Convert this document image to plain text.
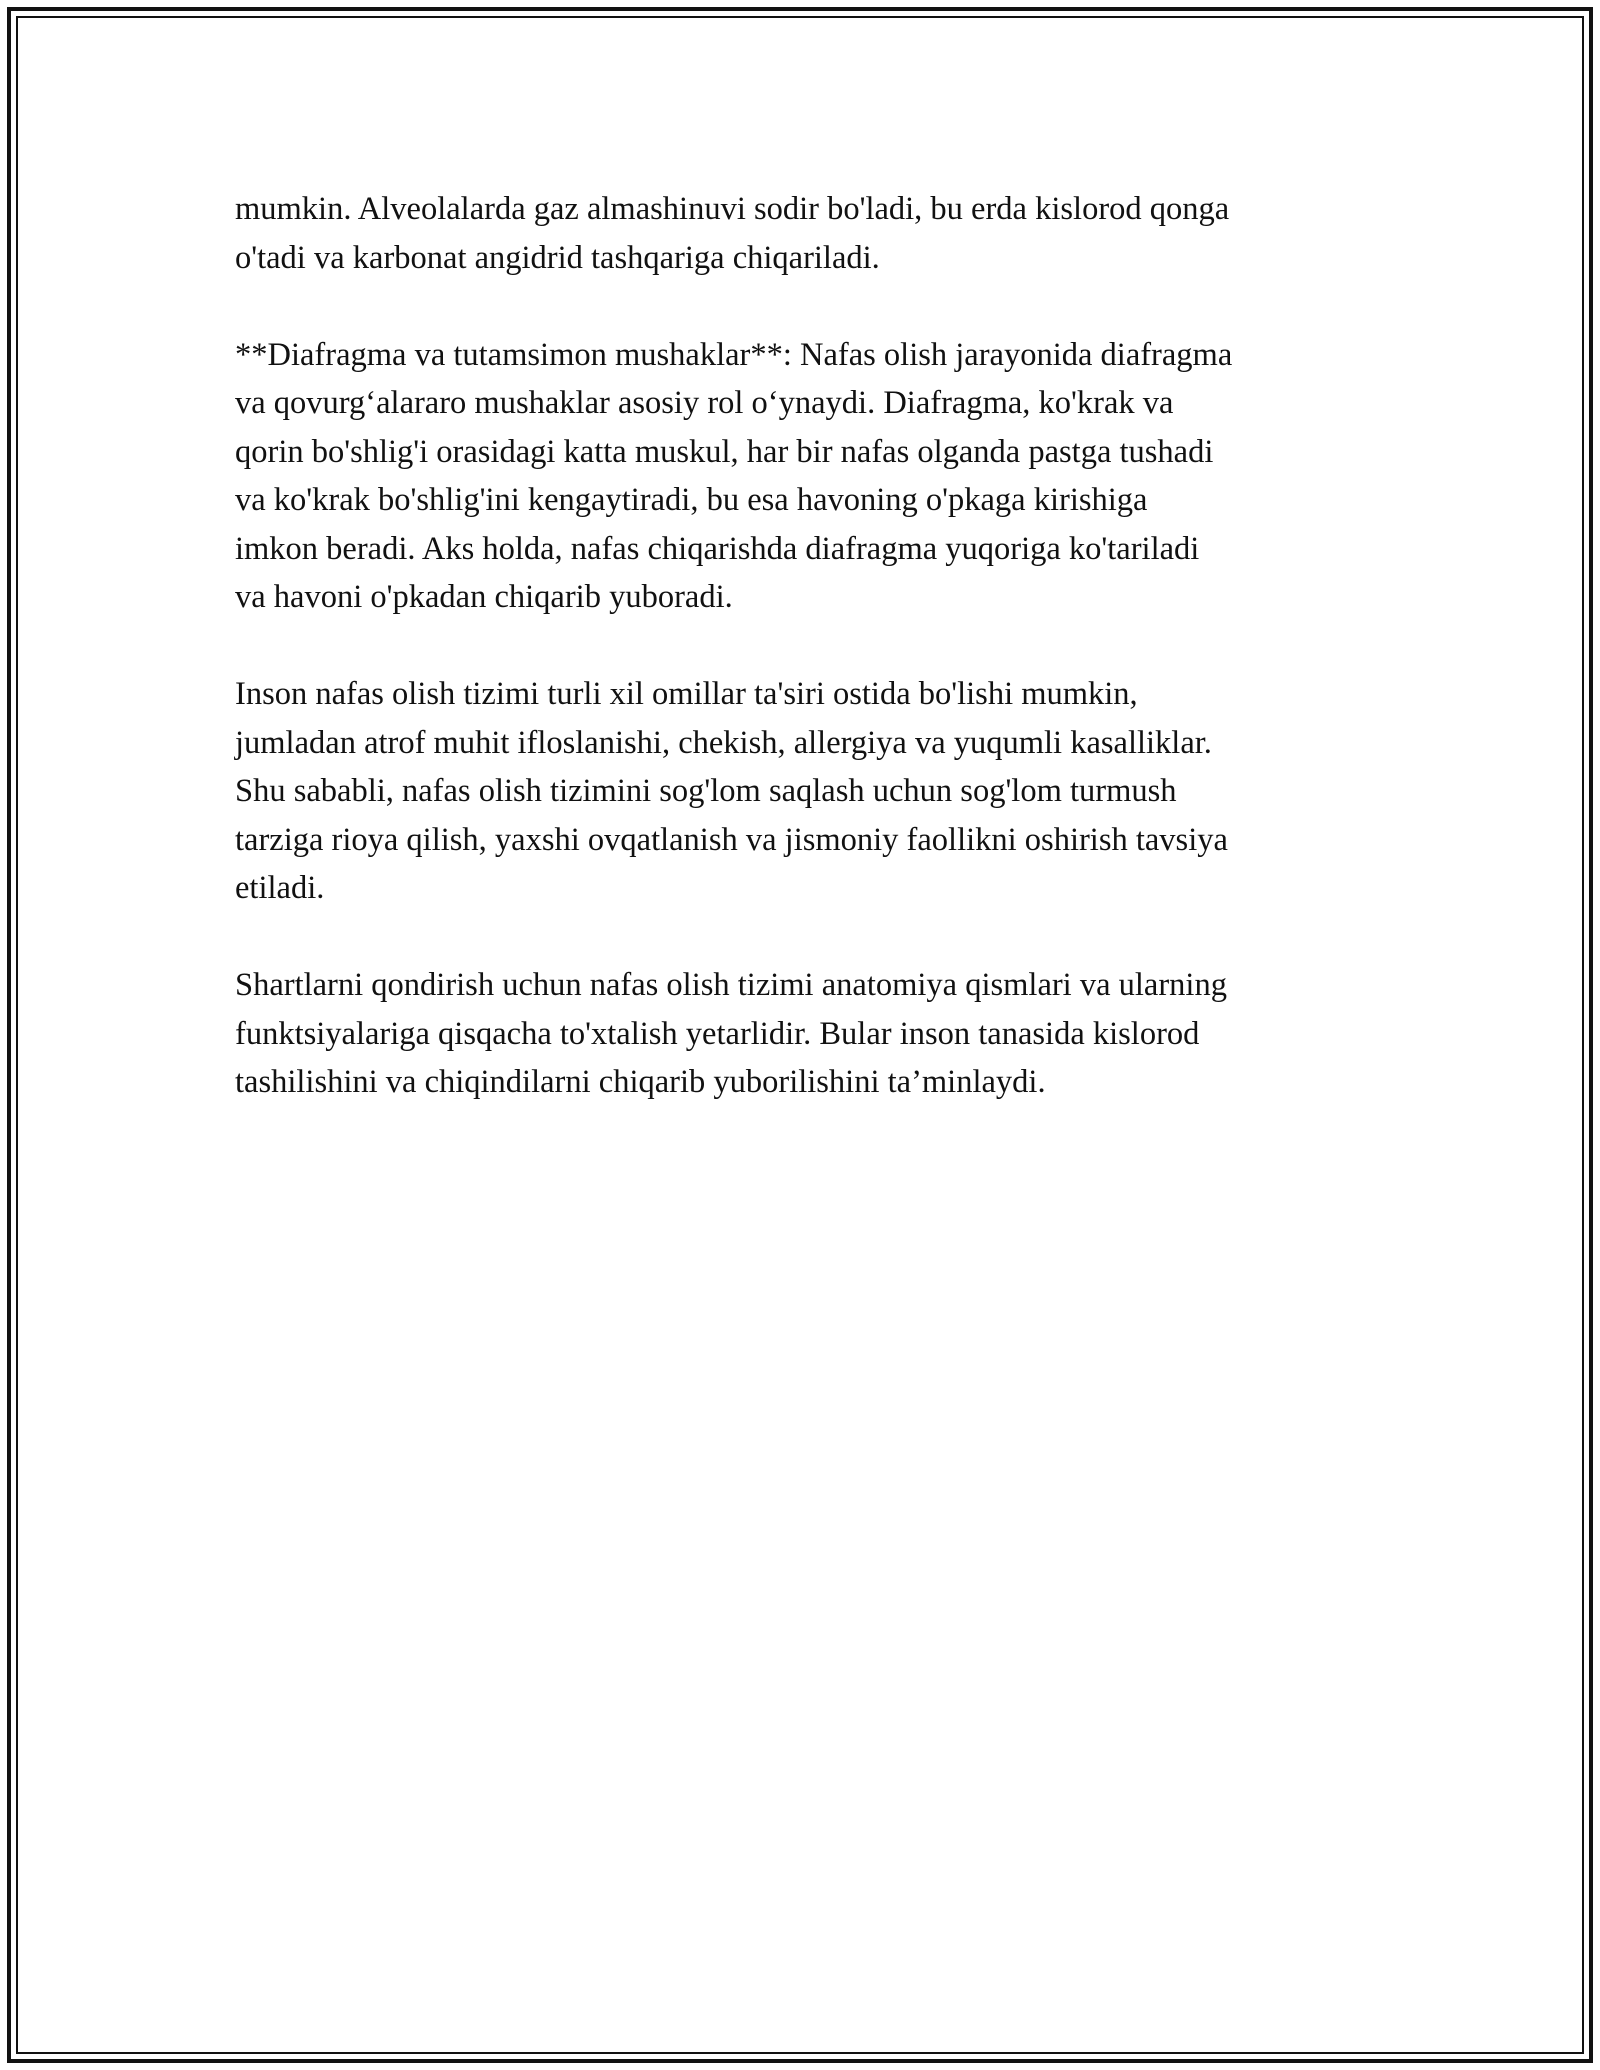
mumkin. Alveolalarda gaz almashinuvi sodir bo'ladi, bu erda kislorod qonga
o'tadi va karbonat angidrid tashqariga chiqariladi.

**Diafragma va tutamsimon mushaklar**: Nafas olish jarayonida diafragma
va qovurg‘alararo mushaklar asosiy rol o‘ynaydi. Diafragma, ko'krak va
qorin bo'shlig'i orasidagi katta muskul, har bir nafas olganda pastga tushadi
va ko'krak bo'shlig'ini kengaytiradi, bu esa havoning o'pkaga kirishiga
imkon beradi. Aks holda, nafas chiqarishda diafragma yuqoriga ko'tariladi
va havoni o'pkadan chiqarib yuboradi.

Inson nafas olish tizimi turli xil omillar ta'siri ostida bo'lishi mumkin,
jumladan atrof muhit ifloslanishi, chekish, allergiya va yuqumli kasalliklar.
Shu sababli, nafas olish tizimini sog'lom saqlash uchun sog'lom turmush
tarziga rioya qilish, yaxshi ovqatlanish va jismoniy faollikni oshirish tavsiya
etiladi.

Shartlarni qondirish uchun nafas olish tizimi anatomiya qismlari va ularning
funktsiyalariga qisqacha to'xtalish yetarlidir. Bular inson tanasida kislorod
tashilishini va chiqindilarni chiqarib yuborilishini ta’minlaydi.
